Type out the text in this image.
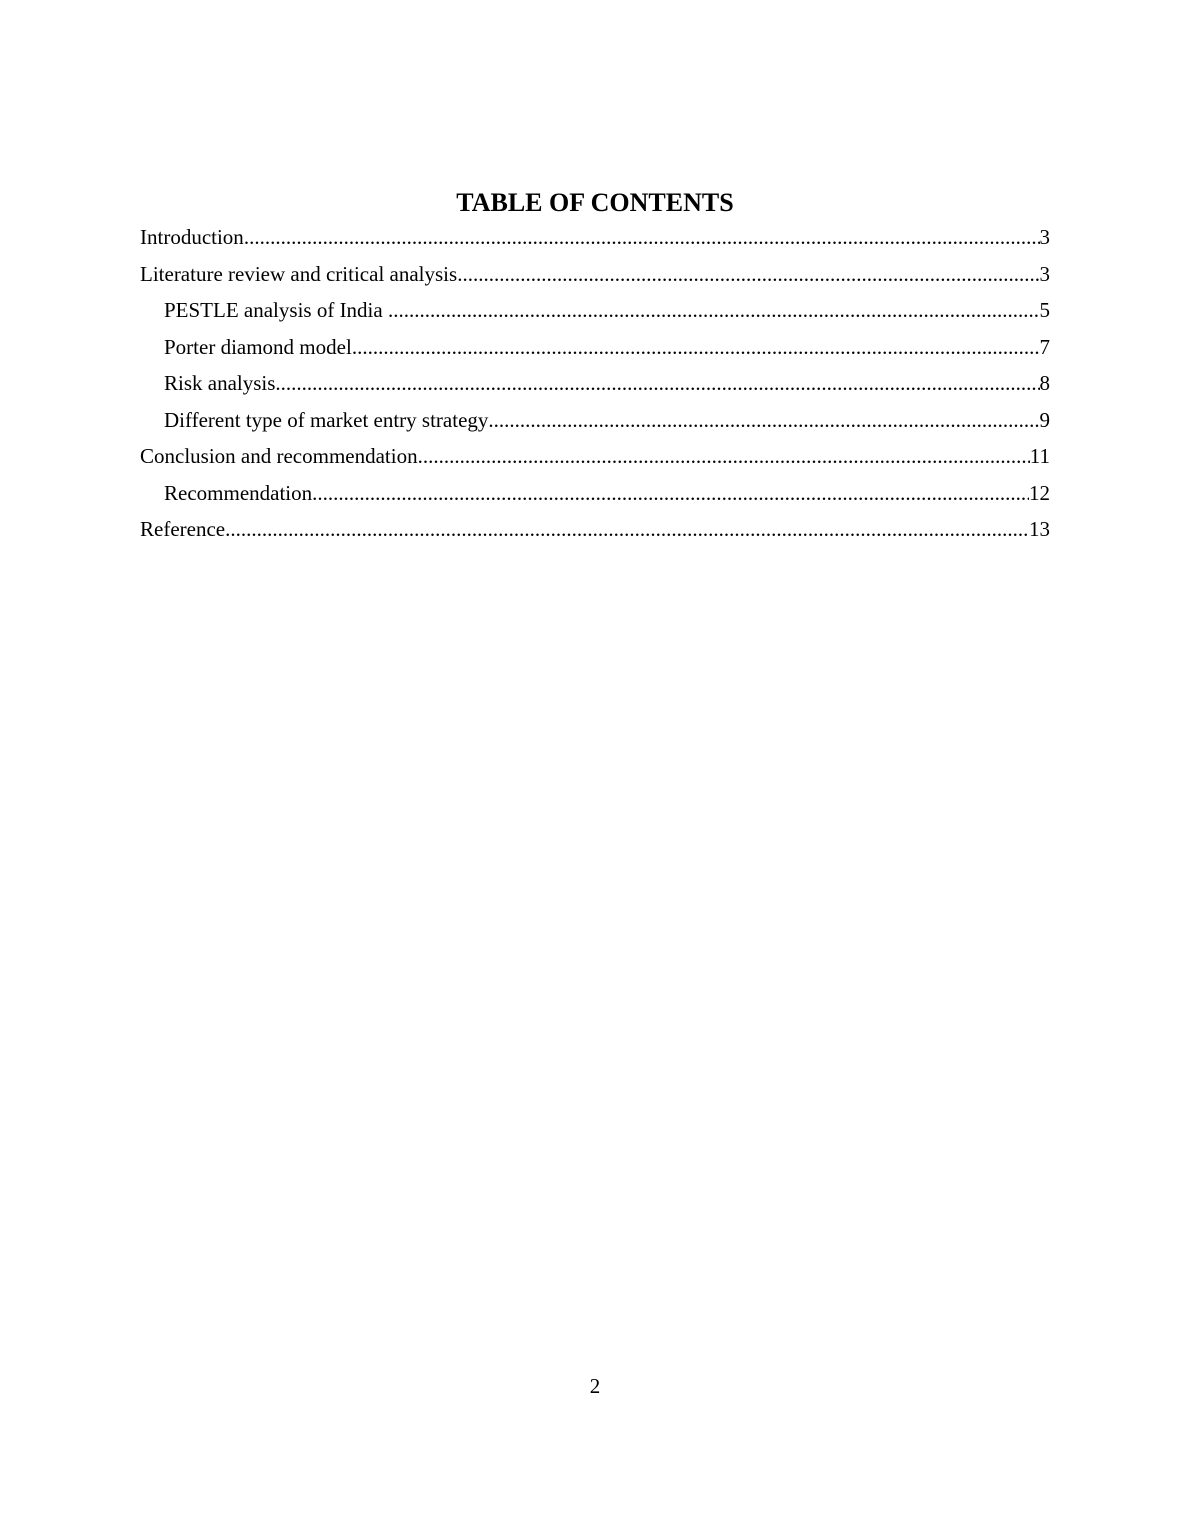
TABLE OF CONTENTS
Introduction .....	3
Literature review and critical analysis .....	3
PESTLE analysis of India .....	5
Porter diamond model .....	7
Risk analysis .....	8
Different type of market entry strategy .....	9
Conclusion and recommendation .....	11
Recommendation .....	12
Reference .....	13
2
